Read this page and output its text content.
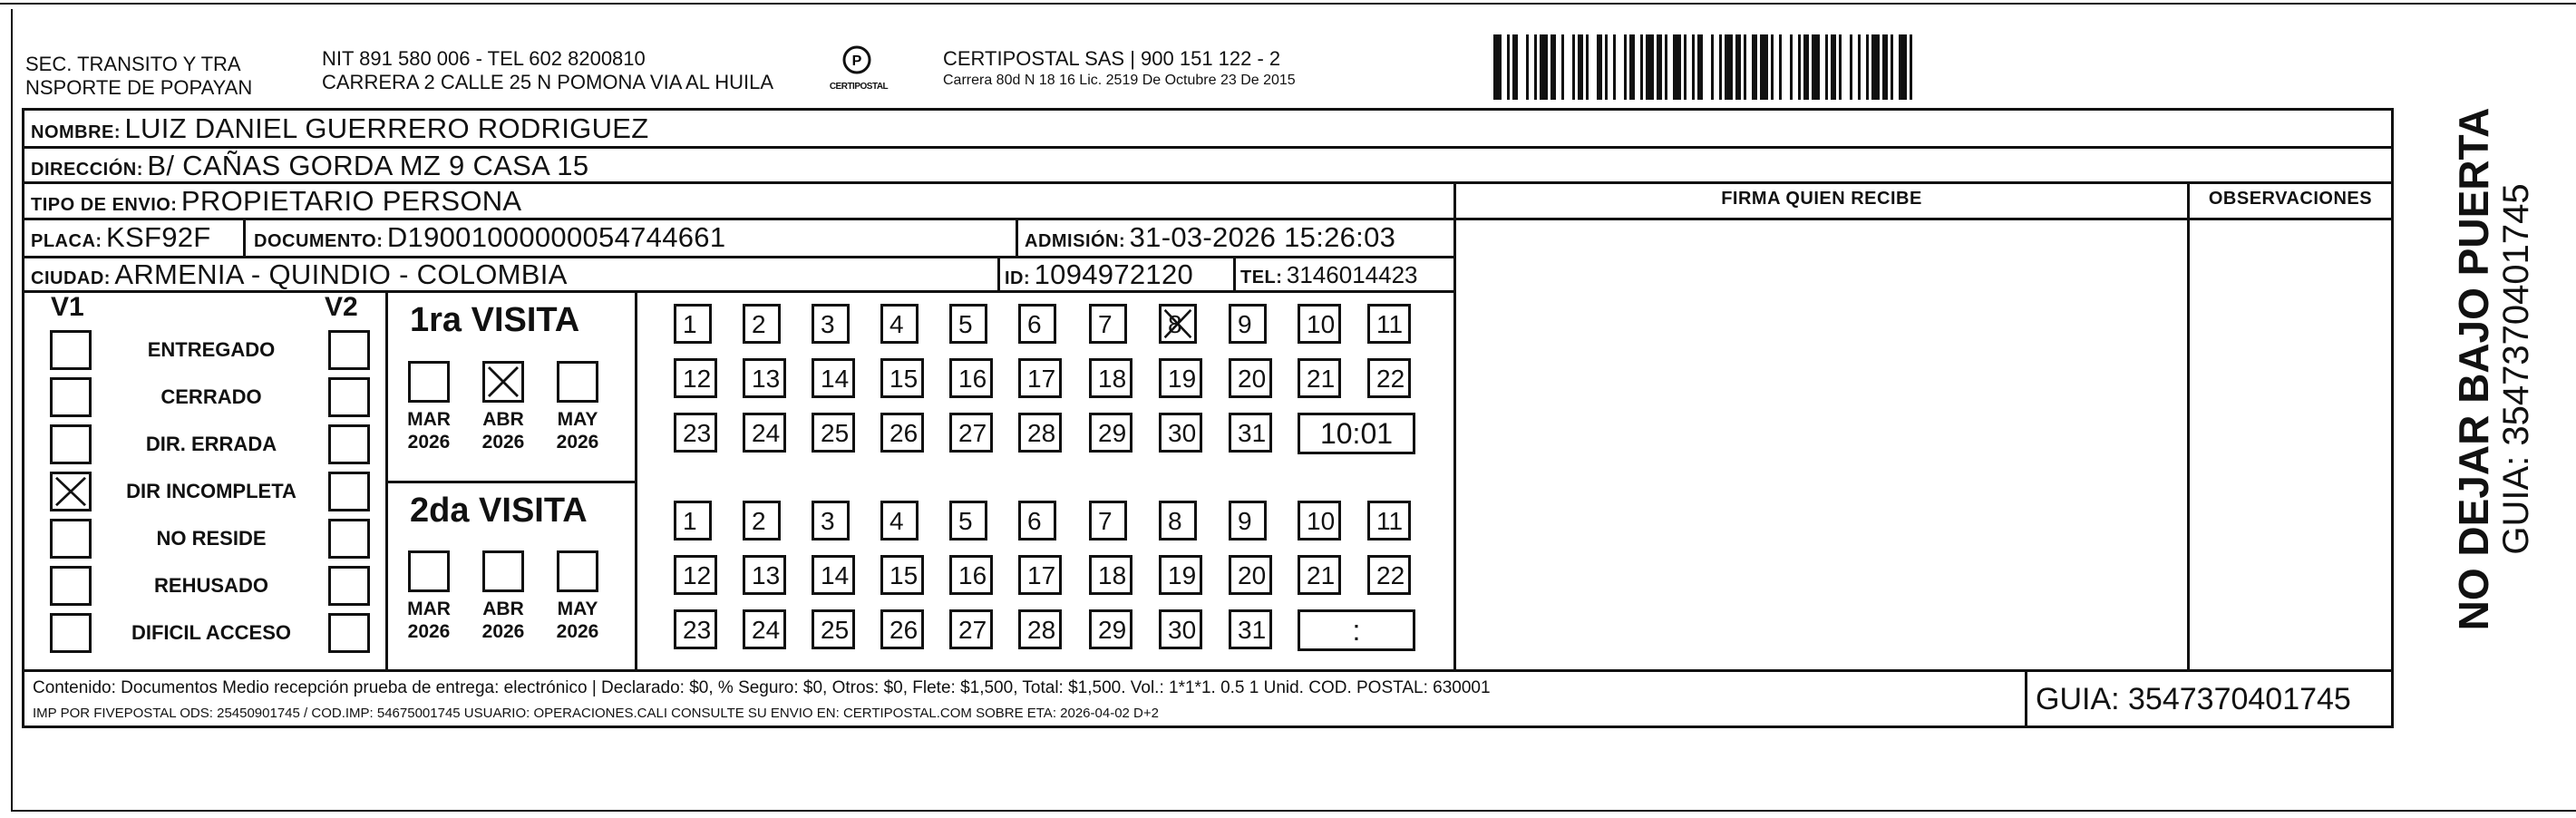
SEC. TRANSITO Y TRA
NSPORTE DE POPAYAN
NIT 891 580 006 - TEL 602 8200810
CARRERA 2 CALLE 25 N POMONA VIA AL HUILA
P
CERTIPOSTAL
CERTIPOSTAL SAS | 900 151 122 - 2
Carrera 80d N 18 16 Lic. 2519 De Octubre 23 De 2015
NOMBRE: LUIZ DANIEL GUERRERO RODRIGUEZ
DIRECCIÓN: B/ CAÑAS GORDA MZ 9 CASA 15
TIPO DE ENVIO: PROPIETARIO PERSONA	FIRMA QUIEN RECIBE	OBSERVACIONES
PLACA: KSF92F DOCUMENTO: D19001000000054744661	ADMISIÓN: 31-03-2026 15:26:03
CIUDAD: ARMENIA - QUINDIO - COLOMBIA	ID: 1094972120	TEL: 3146014423
V1	V2
ENTREGADO
CERRADO
DIR. ERRADA
DIR INCOMPLETA
NO RESIDE
REHUSADO
DIFICIL ACCESO
1ra VISITA
MAR
2026
ABR
2026
MAY
2026
1 2 3 4 5 6 7 8 9 10 11
12 13 14 15 16 17 18 19 20 21 22
23 24 25 26 27 28 29 30 31	10:01
2da VISITA
MAR
2026
ABR
2026
MAY
2026
1 2 3 4 5 6 7 8 9 10 11
12 13 14 15 16 17 18 19 20 21 22
23 24 25 26 27 28 29 30 31	:
Contenido: Documentos Medio recepción prueba de entrega: electrónico | Declarado: $0, % Seguro: $0, Otros: $0, Flete: $1,500, Total: $1,500. Vol.: 1*1*1. 0.5 1 Unid. COD. POSTAL: 630001
IMP POR FIVEPOSTAL ODS: 25450901745 / COD.IMP: 54675001745 USUARIO: OPERACIONES.CALI CONSULTE SU ENVIO EN: CERTIPOSTAL.COM SOBRE ETA: 2026-04-02 D+2	GUIA: 3547370401745
NO DEJAR BAJO PUERTA GUIA: 3547370401745
